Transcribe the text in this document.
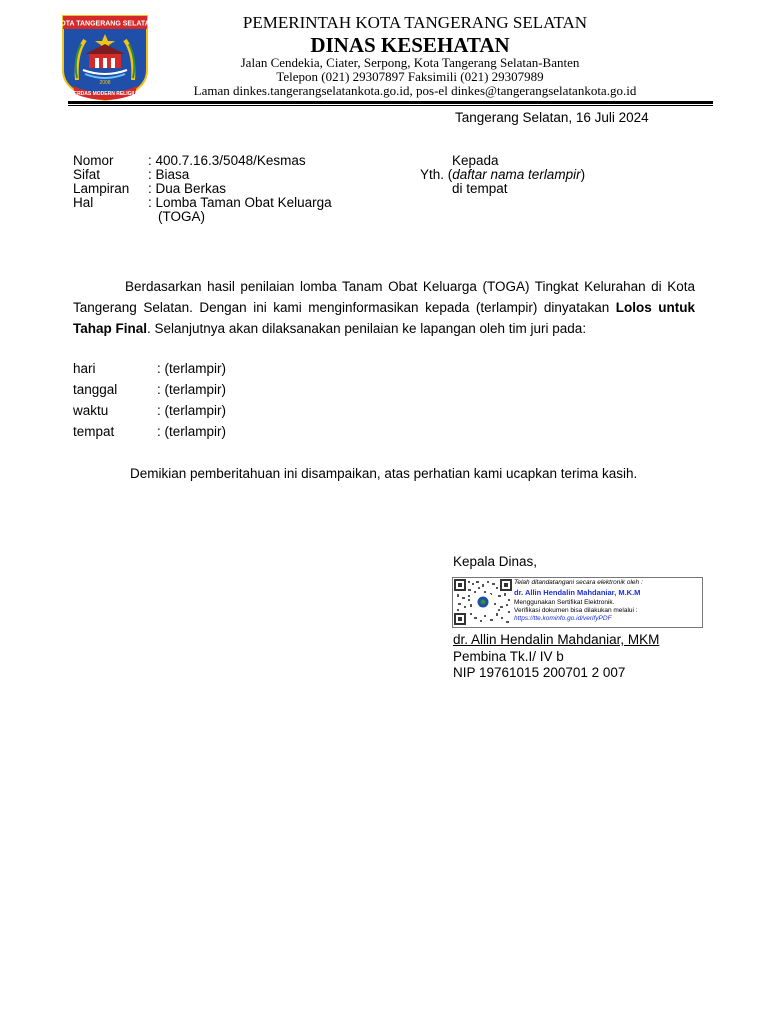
KOTA TANGERANG SELATAN
2008
CERDAS MODERN RELIGIUS
PEMERINTAH KOTA TANGERANG SELATAN
DINAS KESEHATAN
Jalan Cendekia, Ciater, Serpong, Kota Tangerang Selatan-Banten
Telepon (021) 29307897 Faksimili (021) 29307989
Laman dinkes.tangerangselatankota.go.id, pos-el dinkes@tangerangselatankota.go.id
Tangerang Selatan, 16 Juli 2024
Nomor	: 400.7.16.3/5048/Kesmas
Sifat	: Biasa
Lampiran : Dua Berkas
Hal	: Lomba Taman Obat Keluarga
(TOGA)
Kepada
Yth. (daftar nama terlampir)
di tempat
Berdasarkan hasil penilaian lomba Tanam Obat Keluarga (TOGA) Tingkat Kelurahan di Kota Tangerang Selatan. Dengan ini kami menginformasikan kepada (terlampir) dinyatakan Lolos untuk Tahap Final. Selanjutnya akan dilaksanakan penilaian ke lapangan oleh tim juri pada:
hari	: (terlampir)
tanggal	: (terlampir)
waktu	: (terlampir)
tempat	: (terlampir)
Demikian pemberitahuan ini disampaikan, atas perhatian kami ucapkan terima kasih.
Kepala Dinas,
Telah ditandatangani secara elektronik oleh :
dr. Allin Hendalin Mahdaniar, M.K.M
Menggunakan Sertifikat Elektronik.
Verifikasi dokumen bisa dilakukan melalui :
https://tte.kominfo.go.id/verifyPDF
dr. Allin Hendalin Mahdaniar, MKM
Pembina Tk.I/ IV b
NIP 19761015 200701 2 007
